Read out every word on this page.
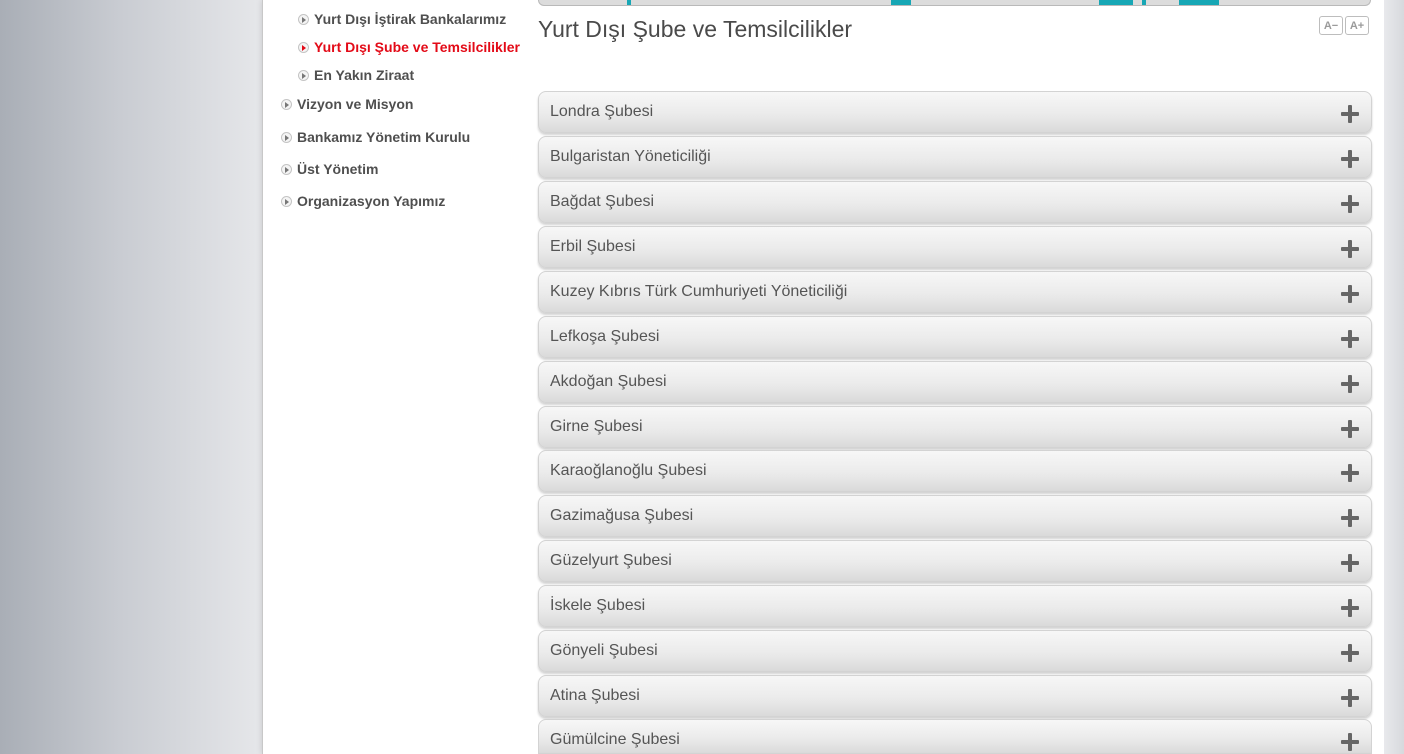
Yurt Dışı İştirak Bankalarımız
Yurt Dışı Şube ve Temsilcilikler
En Yakın Ziraat
Vizyon ve Misyon
Bankamız Yönetim Kurulu
Üst Yönetim
Organizasyon Yapımız
Yurt Dışı Şube ve Temsilcilikler	A−	A+
Londra Şubesi
Bulgaristan Yöneticiliği
Bağdat Şubesi
Erbil Şubesi
Kuzey Kıbrıs Türk Cumhuriyeti Yöneticiliği
Lefkoşa Şubesi
Akdoğan Şubesi
Girne Şubesi
Karaoğlanoğlu Şubesi
Gazimağusa Şubesi
Güzelyurt Şubesi
İskele Şubesi
Gönyeli Şubesi
Atina Şubesi
Gümülcine Şubesi
